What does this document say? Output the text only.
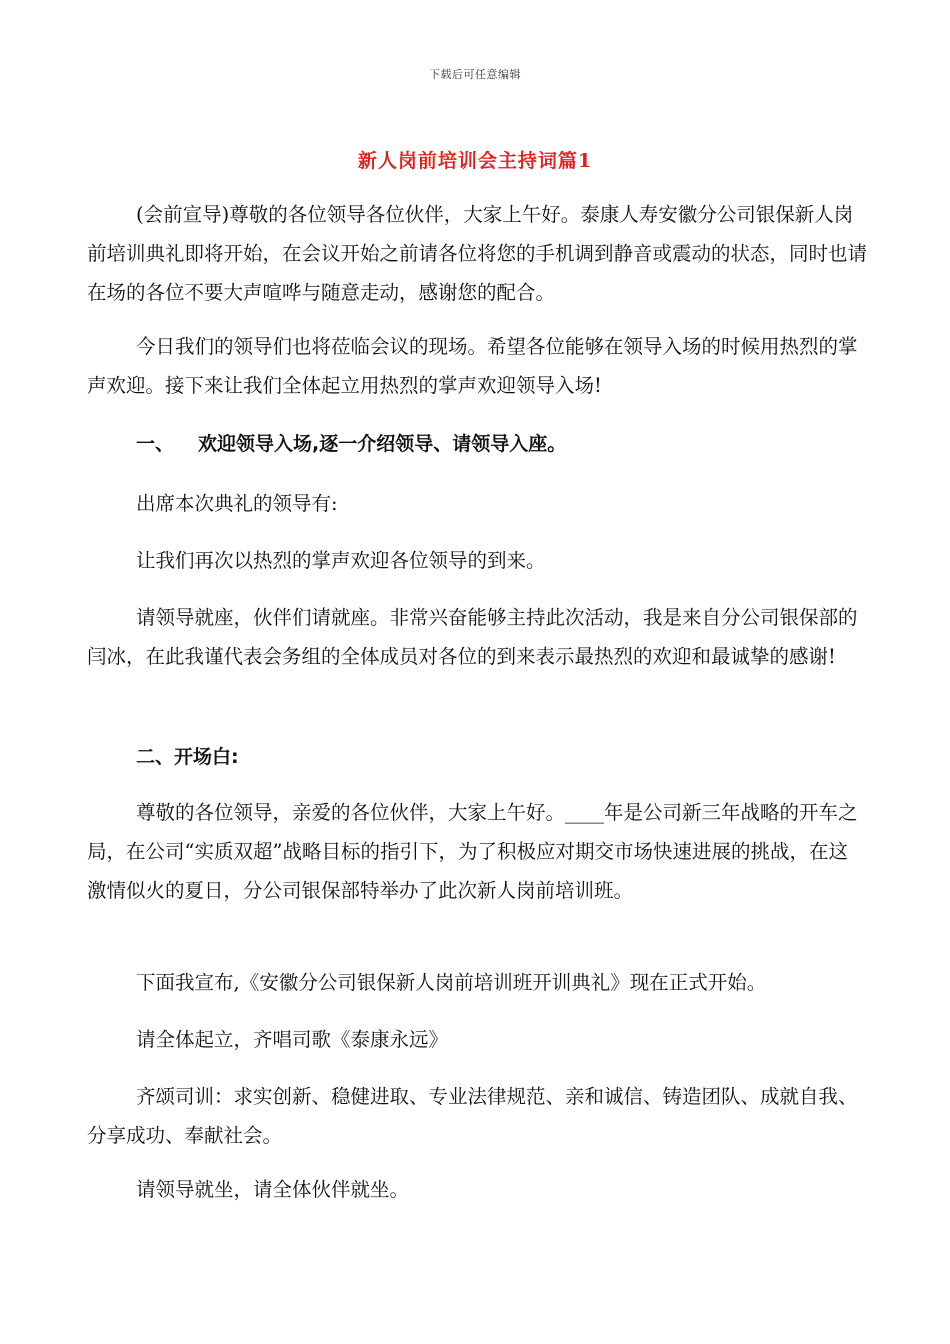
下载后可任意编辑
新人岗前培训会主持词篇1

(会前宣导)尊敬的各位领导各位伙伴，大家上午好。泰康人寿安徽分公司银保新人岗前培训典礼即将开始，在会议开始之前请各位将您的手机调到静音或震动的状态，同时也请在场的各位不要大声喧哗与随意走动，感谢您的配合。

今日我们的领导们也将莅临会议的现场。希望各位能够在领导入场的时候用热烈的掌声欢迎。接下来让我们全体起立用热烈的掌声欢迎领导入场!

一、 欢迎领导入场,逐一介绍领导、请领导入座。

出席本次典礼的领导有:

让我们再次以热烈的掌声欢迎各位领导的到来。

请领导就座，伙伴们请就座。非常兴奋能够主持此次活动，我是来自分公司银保部的闫冰，在此我谨代表会务组的全体成员对各位的到来表示最热烈的欢迎和最诚挚的感谢!

二、开场白:

尊敬的各位领导，亲爱的各位伙伴，大家上午好。____年是公司新三年战略的开车之局，在公司“实质双超”战略目标的指引下，为了积极应对期交市场快速进展的挑战，在这激情似火的夏日，分公司银保部特举办了此次新人岗前培训班。

下面我宣布,《安徽分公司银保新人岗前培训班开训典礼》现在正式开始。

请全体起立，齐唱司歌《泰康永远》

齐颂司训：求实创新、稳健进取、专业法律规范、亲和诚信、铸造团队、成就自我、分享成功、奉献社会。

请领导就坐，请全体伙伴就坐。
